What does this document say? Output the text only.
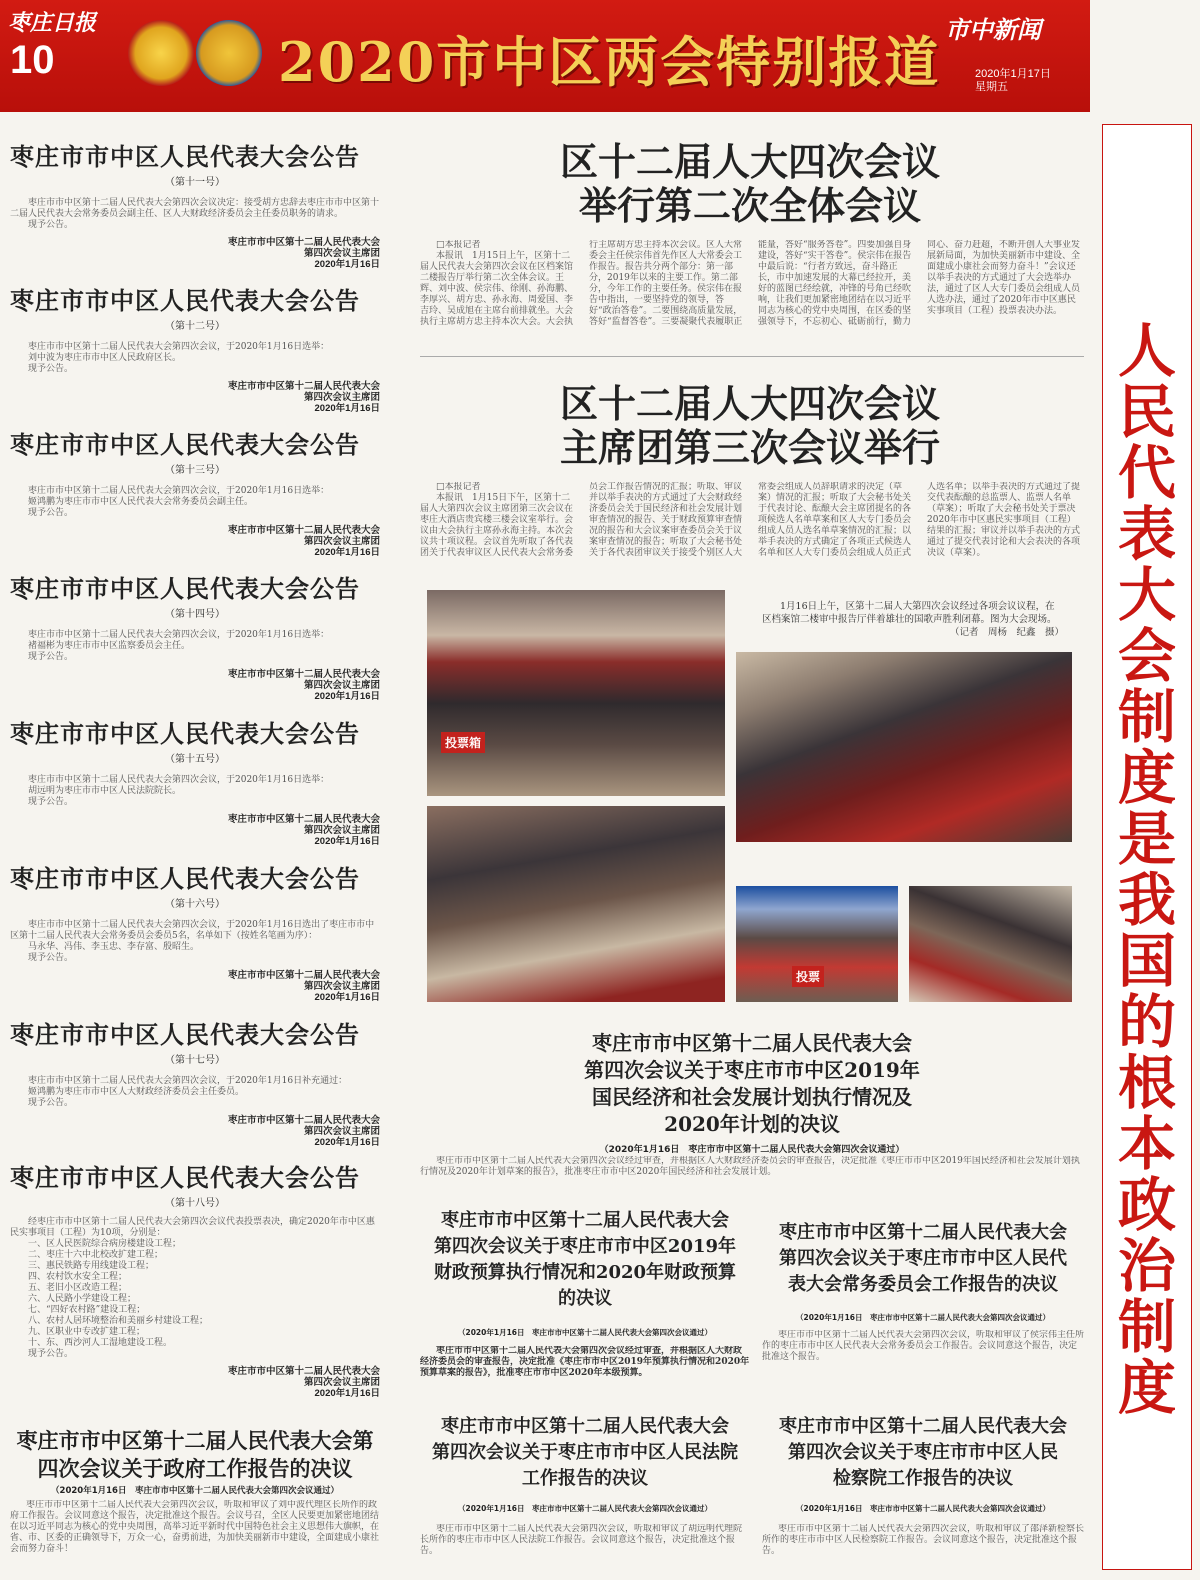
枣庄日报
10	2020市中区两会特别报道
市中新闻
2020年1月17日
星期五
人民代表大会制度是我国的根本政治制度
枣庄市市中区人民代表大会公告
（第十一号）

枣庄市市中区第十二届人民代表大会第四次会议决定：接受胡方忠辞去枣庄市市中区第十二届人民代表大会常务委员会副主任、区人大财政经济委员会主任委员职务的请求。

现予公告。

枣庄市市中区第十二届人民代表大会
第四次会议主席团
2020年1月16日
枣庄市市中区人民代表大会公告
（第十二号）

枣庄市市中区第十二届人民代表大会第四次会议，于2020年1月16日选举：

刘中波为枣庄市市中区人民政府区长。

现予公告。

枣庄市市中区第十二届人民代表大会
第四次会议主席团
2020年1月16日
枣庄市市中区人民代表大会公告
（第十三号）

枣庄市市中区第十二届人民代表大会第四次会议，于2020年1月16日选举：

姬鸿鹏为枣庄市市中区人民代表大会常务委员会副主任。

现予公告。

枣庄市市中区第十二届人民代表大会
第四次会议主席团
2020年1月16日
枣庄市市中区人民代表大会公告
（第十四号）

枣庄市市中区第十二届人民代表大会第四次会议，于2020年1月16日选举：

褚福彬为枣庄市市中区监察委员会主任。

现予公告。

枣庄市市中区第十二届人民代表大会
第四次会议主席团
2020年1月16日
枣庄市市中区人民代表大会公告
（第十五号）

枣庄市市中区第十二届人民代表大会第四次会议，于2020年1月16日选举：

胡远明为枣庄市市中区人民法院院长。

现予公告。

枣庄市市中区第十二届人民代表大会
第四次会议主席团
2020年1月16日
枣庄市市中区人民代表大会公告
（第十六号）

枣庄市市中区第十二届人民代表大会第四次会议，于2020年1月16日选出了枣庄市市中区第十二届人民代表大会常务委员会委员5名，名单如下（按姓名笔画为序）：

马永华、冯伟、李玉忠、李存富、殷昭生。

现予公告。

枣庄市市中区第十二届人民代表大会
第四次会议主席团
2020年1月16日
枣庄市市中区人民代表大会公告
（第十七号）

枣庄市市中区第十二届人民代表大会第四次会议，于2020年1月16日补充通过：

姬鸿鹏为枣庄市市中区人大财政经济委员会主任委员。

现予公告。

枣庄市市中区第十二届人民代表大会
第四次会议主席团
2020年1月16日
枣庄市市中区人民代表大会公告
（第十八号）

经枣庄市市中区第十二届人民代表大会第四次会议代表投票表决，确定2020年市中区惠民实事项目（工程）为10项，分别是：

一、区人民医院综合病房楼建设工程；

二、枣庄十六中北校改扩建工程；

三、惠民铁路专用线建设工程；

四、农村饮水安全工程；

五、老旧小区改造工程；

六、人民路小学建设工程；

七、“四好农村路”建设工程；

八、农村人居环境整治和美丽乡村建设工程；

九、区职业中专改扩建工程；

十、东、西沙河人工湿地建设工程。

现予公告。

枣庄市市中区第十二届人民代表大会
第四次会议主席团
2020年1月16日
枣庄市市中区第十二届人民代表大会第四次会议关于政府工作报告的决议
（2020年1月16日　枣庄市市中区第十二届人民代表大会第四次会议通过）
枣庄市市中区第十二届人民代表大会第四次会议，听取和审议了刘中波代理区长所作的政府工作报告。会议同意这个报告，决定批准这个报告。会议号召，全区人民要更加紧密地团结在以习近平同志为核心的党中央周围，高举习近平新时代中国特色社会主义思想伟大旗帜，在省、市、区委的正确领导下，万众一心，奋勇前进，为加快美丽新市中建设，全面建成小康社会而努力奋斗！
区十二届人大四次会议
举行第二次全体会议

□本报记者

本报讯　1月15日上午，区第十二届人民代表大会第四次会议在区档案馆二楼报告厅举行第二次全体会议。王辉、刘中波、侯宗伟、徐刚、孙海鹏、李厚兴、胡方忠、孙永海、周爱国、李吉玲、吴成旭在主席台前排就坐。大会执行主席胡方忠主持本次大会。大会执行主席胡方忠主持本次会议。区人大常委会主任侯宗伟首先作区人大常委会工作报告。报告共分两个部分：第一部分，2019年以来的主要工作。第二部分，今年工作的主要任务。侯宗伟在报告中指出，一要坚持党的领导，答好“政治答卷”。二要围绕高质量发展，答好“监督答卷”。三要凝聚代表履职正能量，答好“服务答卷”。四要加强自身建设，答好“实干答卷”。侯宗伟在报告中最后说：“行者方致远，奋斗路正长，市中加速发展的大幕已经拉开，美好的蓝图已经绘就，冲锋的号角已经吹响，让我们更加紧密地团结在以习近平同志为核心的党中央周围，在区委的坚强领导下，不忘初心、砥砺前行，勤力同心、奋力赶超，不断开创人大事业发展新局面，为加快美丽新市中建设、全面建成小康社会而努力奋斗！”会议还以举手表决的方式通过了大会选举办法，通过了区人大专门委员会组成人员人选办法，通过了2020年市中区惠民实事项目（工程）投票表决办法。

区十二届人大四次会议
主席团第三次会议举行

□本报记者

本报讯　1月15日下午，区第十二届人大第四次会议主席团第三次会议在枣庄大酒店贵宾楼三楼会议室举行。会议由大会执行主席孙永海主持。本次会议共十项议程。会议首先听取了各代表团关于代表审议区人民代表大会常务委员会工作报告情况的汇报；听取、审议并以举手表决的方式通过了大会财政经济委员会关于国民经济和社会发展计划审查情况的报告、关于财政预算审查情况的报告和大会议案审查委员会关于议案审查情况的报告；听取了大会秘书处关于各代表团审议关于接受个别区人大常委会组成人员辞职请求的决定（草案）情况的汇报；听取了大会秘书处关于代表讨论、酝酿大会主席团提名的各项候选人名单草案和区人大专门委员会组成人员人选名单草案情况的汇报；以举手表决的方式确定了各项正式候选人名单和区人大专门委员会组成人员正式人选名单；以举手表决的方式通过了提交代表酝酿的总监票人、监票人名单（草案）；听取了大会秘书处关于票决2020年市中区惠民实事项目（工程）结果的汇报；审议并以举手表决的方式通过了提交代表讨论和大会表决的各项决议（草案）。

投票箱
1月16日上午，区第十二届人大第四次会议经过各项会议议程，在区档案馆二楼审中报告厅伴着雄壮的国歌声胜利闭幕。图为大会现场。
（记者　周杨　纪鑫　摄）
投票
枣庄市市中区第十二届人民代表大会
第四次会议关于枣庄市市中区2019年
国民经济和社会发展计划执行情况及
2020年计划的决议
（2020年1月16日　枣庄市市中区第十二届人民代表大会第四次会议通过）
枣庄市市中区第十二届人民代表大会第四次会议经过审查，并根据区人大财政经济委员会的审查报告，决定批准《枣庄市市中区2019年国民经济和社会发展计划执行情况及2020年计划草案的报告》，批准枣庄市市中区2020年国民经济和社会发展计划。
枣庄市市中区第十二届人民代表大会
第四次会议关于枣庄市市中区2019年
财政预算执行情况和2020年财政预算
的决议
（2020年1月16日　枣庄市市中区第十二届人民代表大会第四次会议通过）
枣庄市市中区第十二届人民代表大会第四次会议经过审查，并根据区人大财政经济委员会的审查报告，决定批准《枣庄市市中区2019年预算执行情况和2020年预算草案的报告》，批准枣庄市市中区2020年本级预算。
枣庄市市中区第十二届人民代表大会
第四次会议关于枣庄市市中区人民代
表大会常务委员会工作报告的决议
（2020年1月16日　枣庄市市中区第十二届人民代表大会第四次会议通过）
枣庄市市中区第十二届人民代表大会第四次会议，听取和审议了侯宗伟主任所作的枣庄市市中区人民代表大会常务委员会工作报告。会议同意这个报告，决定批准这个报告。
枣庄市市中区第十二届人民代表大会
第四次会议关于枣庄市市中区人民法院
工作报告的决议
（2020年1月16日　枣庄市市中区第十二届人民代表大会第四次会议通过）
枣庄市市中区第十二届人民代表大会第四次会议，听取和审议了胡远明代理院长所作的枣庄市市中区人民法院工作报告。会议同意这个报告，决定批准这个报告。
枣庄市市中区第十二届人民代表大会
第四次会议关于枣庄市市中区人民
检察院工作报告的决议
（2020年1月16日　枣庄市市中区第十二届人民代表大会第四次会议通过）
枣庄市市中区第十二届人民代表大会第四次会议，听取和审议了邵泽新检察长所作的枣庄市市中区人民检察院工作报告。会议同意这个报告，决定批准这个报告。
